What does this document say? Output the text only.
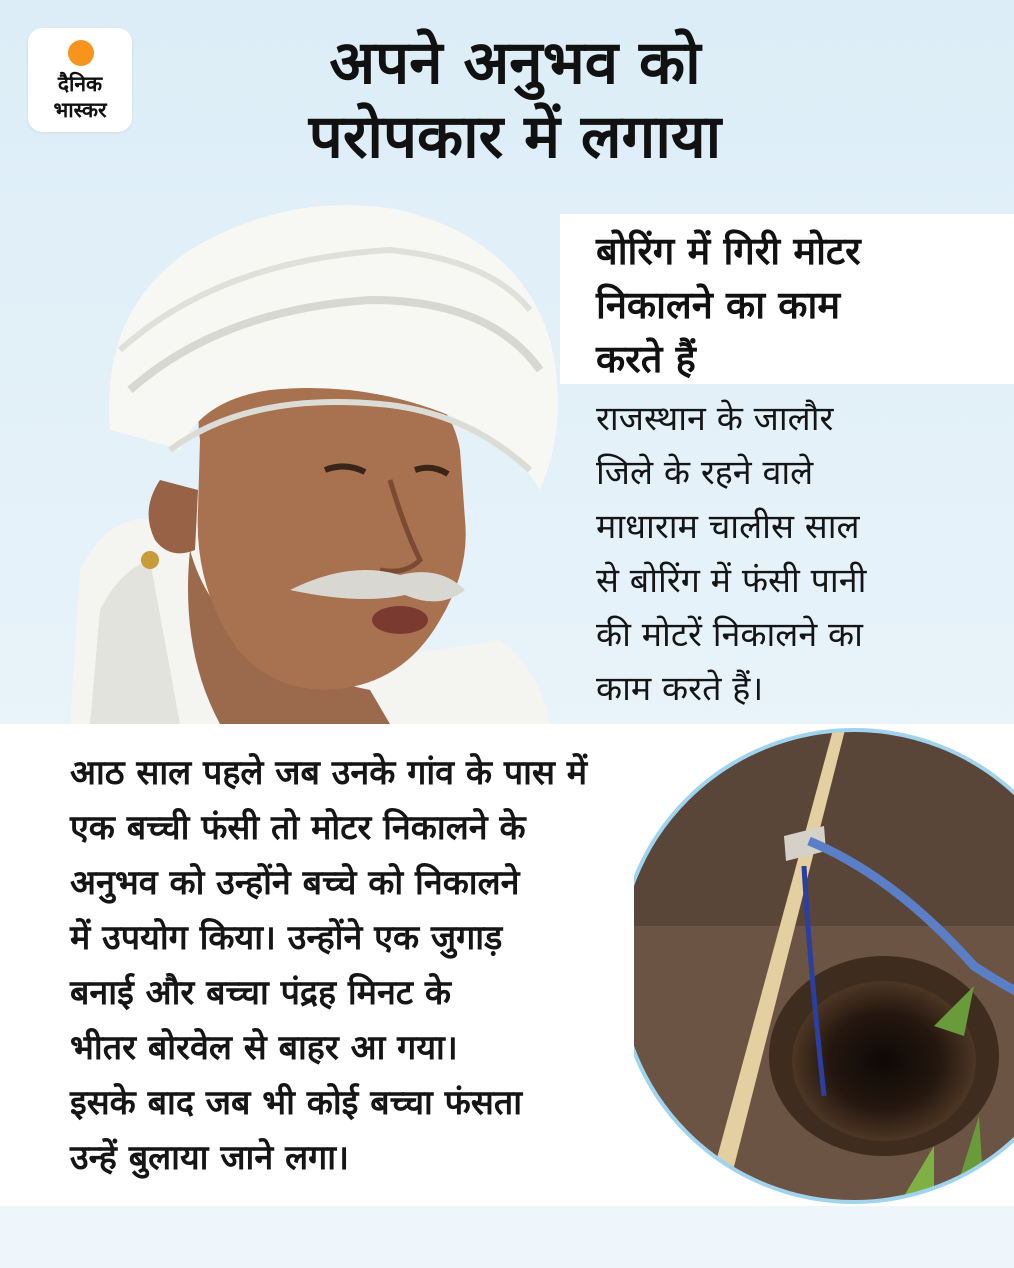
दैनिक
भास्कर
अपने अनुभव को
परोपकार में लगाया
बोरिंग में गिरी मोटर
निकालने का काम
करते हैं
राजस्थान के जालौर
जिले के रहने वाले
माधाराम चालीस साल
से बोरिंग में फंसी पानी
की मोटरें निकालने का
काम करते हैं।
आठ साल पहले जब उनके गांव के पास में
एक बच्ची फंसी तो मोटर निकालने के
अनुभव को उन्होंने बच्चे को निकालने
में उपयोग किया। उन्होंने एक जुगाड़
बनाई और बच्चा पंद्रह मिनट के
भीतर बोरवेल से बाहर आ गया।
इसके बाद जब भी कोई बच्चा फंसता
उन्हें बुलाया जाने लगा।
